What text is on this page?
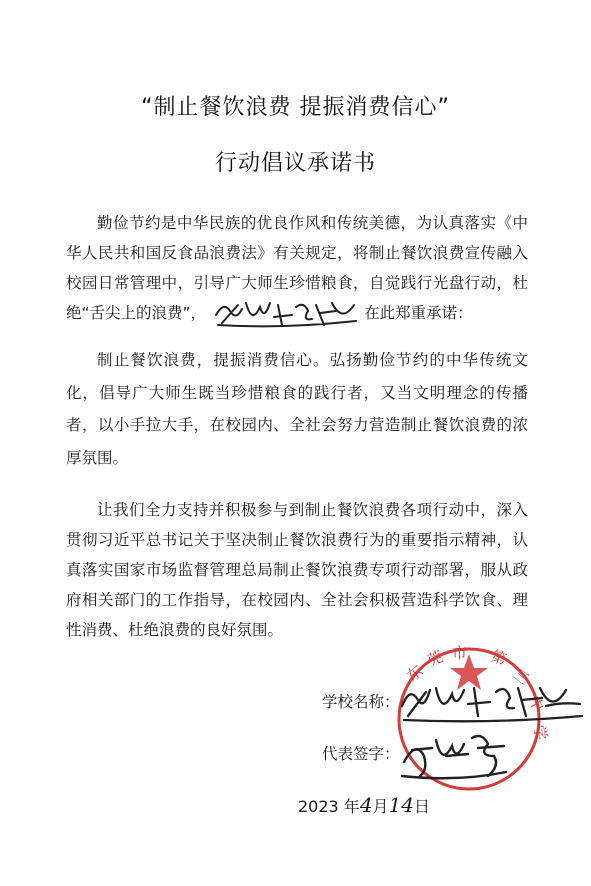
“制止餐饮浪费 提振消费信心”
行动倡议承诺书

勤俭节约是中华民族的优良作风和传统美德，为认真落实《中华人民共和国反食品浪费法》有关规定，将制止餐饮浪费宣传融入校园日常管理中，引导广大师生珍惜粮食，自觉践行光盘行动，杜绝“舌尖上的浪费”，	在此郑重承诺：

制止餐饮浪费，提振消费信心。弘扬勤俭节约的中华传统文化，倡导广大师生既当珍惜粮食的践行者，又当文明理念的传播者，以小手拉大手，在校园内、全社会努力营造制止餐饮浪费的浓厚氛围。

让我们全力支持并积极参与到制止餐饮浪费各项行动中，深入贯彻习近平总书记关于坚决制止餐饮浪费行为的重要指示精神，认真落实国家市场监督管理总局制止餐饮浪费专项行动部署，服从政府相关部门的工作指导，在校园内、全社会积极营造科学饮食、理性消费、杜绝浪费的良好氛围。

东
莞 市 第
三
中
学
学校名称：
代表签字：
2023 年4月14日
